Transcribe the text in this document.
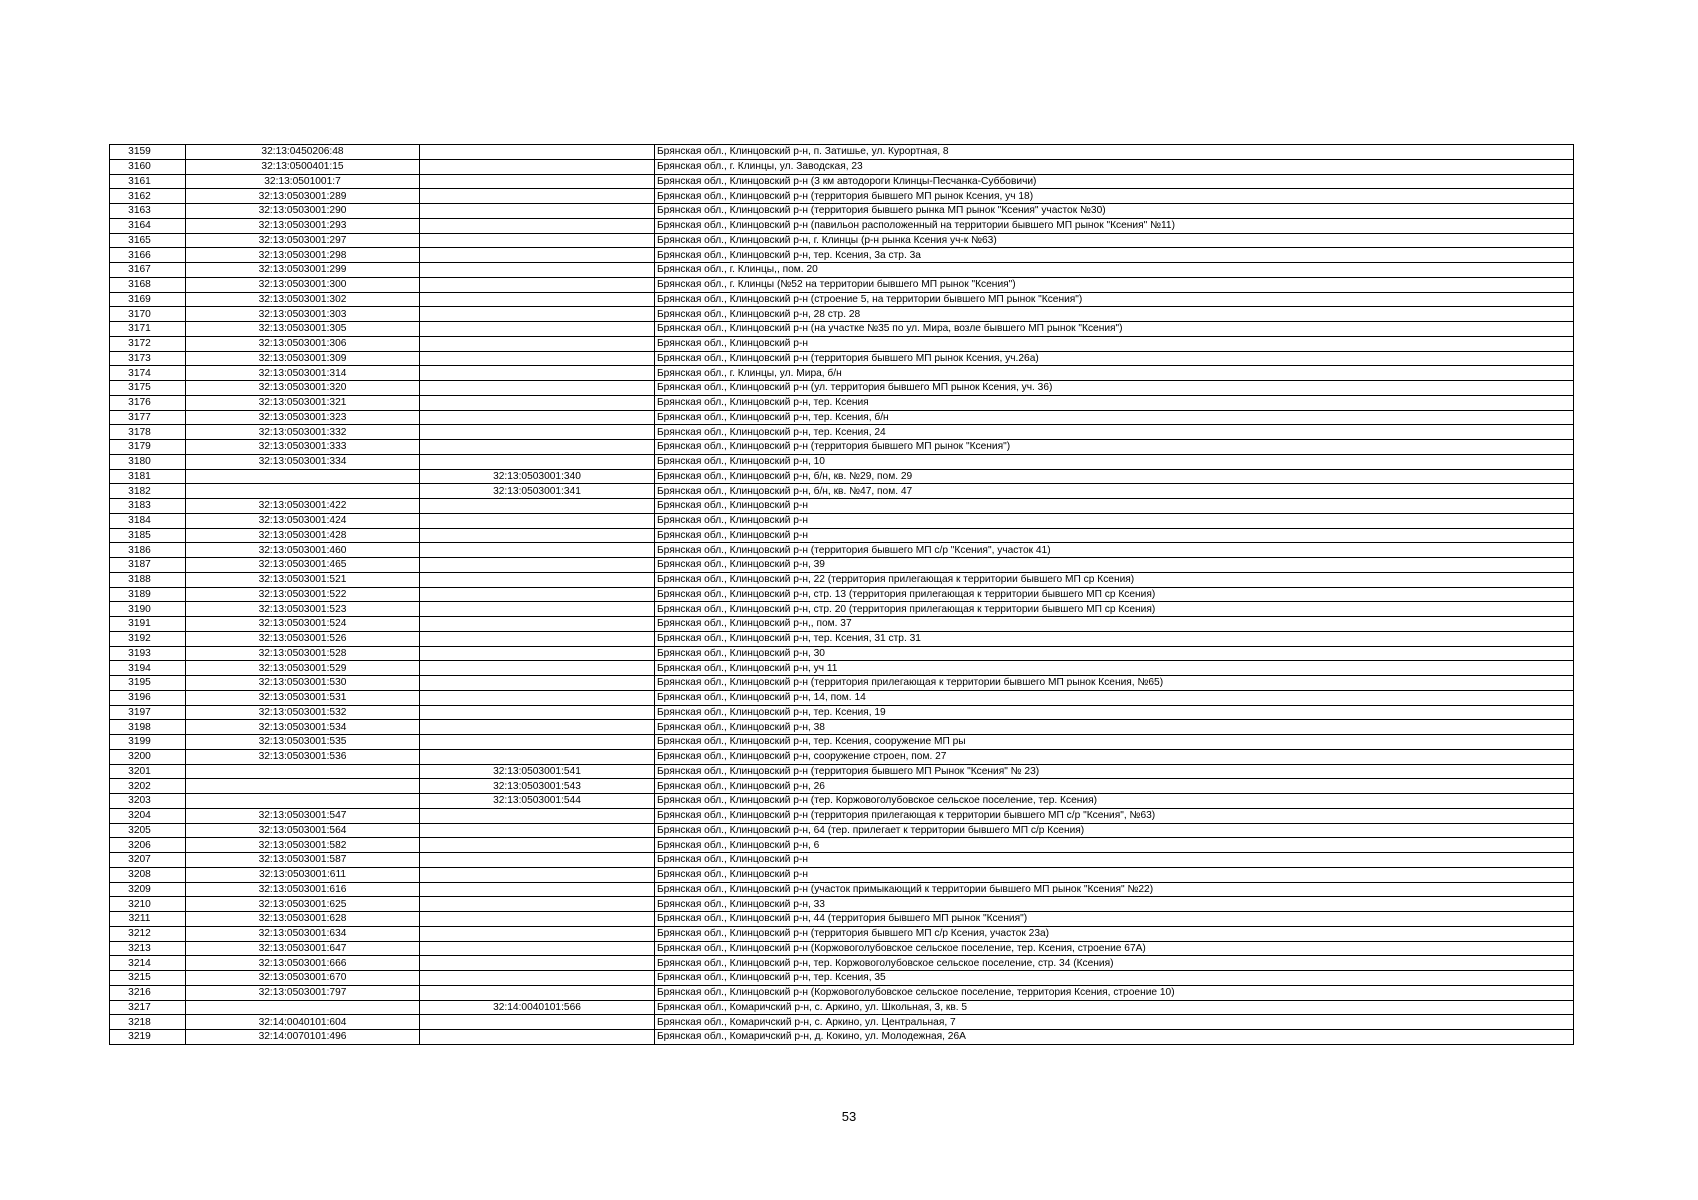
3159	32:13:0450206:48		Брянская обл., Клинцовский р-н, п. Затишье, ул. Курортная, 8
3160	32:13:0500401:15		Брянская обл., г. Клинцы, ул. Заводская, 23
3161	32:13:0501001:7		Брянская обл., Клинцовский р-н (3 км автодороги Клинцы-Песчанка-Суббовичи)
3162	32:13:0503001:289		Брянская обл., Клинцовский р-н (территория бывшего МП рынок Ксения, уч 18)
3163	32:13:0503001:290		Брянская обл., Клинцовский р-н (территория бывшего рынка МП рынок "Ксения" участок №30)
3164	32:13:0503001:293		Брянская обл., Клинцовский р-н (павильон расположенный на территории бывшего МП рынок "Ксения" №11)
3165	32:13:0503001:297		Брянская обл., Клинцовский р-н, г. Клинцы (р-н рынка Ксения уч-к №63)
3166	32:13:0503001:298		Брянская обл., Клинцовский р-н, тер. Ксения, 3а стр. 3а
3167	32:13:0503001:299		Брянская обл., г. Клинцы,, пом. 20
3168	32:13:0503001:300		Брянская обл., г. Клинцы (№52 на территории бывшего МП рынок "Ксения")
3169	32:13:0503001:302		Брянская обл., Клинцовский р-н (строение 5, на территории бывшего МП рынок "Ксения")
3170	32:13:0503001:303		Брянская обл., Клинцовский р-н, 28 стр. 28
3171	32:13:0503001:305		Брянская обл., Клинцовский р-н (на участке №35 по ул. Мира, возле бывшего МП рынок "Ксения")
3172	32:13:0503001:306		Брянская обл., Клинцовский р-н
3173	32:13:0503001:309		Брянская обл., Клинцовский р-н (территория бывшего МП рынок Ксения, уч.26а)
3174	32:13:0503001:314		Брянская обл., г. Клинцы, ул. Мира, б/н
3175	32:13:0503001:320		Брянская обл., Клинцовский р-н (ул. территория бывшего МП рынок Ксения, уч. 36)
3176	32:13:0503001:321		Брянская обл., Клинцовский р-н, тер. Ксения
3177	32:13:0503001:323		Брянская обл., Клинцовский р-н, тер. Ксения, б/н
3178	32:13:0503001:332		Брянская обл., Клинцовский р-н, тер. Ксения, 24
3179	32:13:0503001:333		Брянская обл., Клинцовский р-н (территория бывшего МП рынок "Ксения")
3180	32:13:0503001:334		Брянская обл., Клинцовский р-н, 10
3181		32:13:0503001:340	Брянская обл., Клинцовский р-н, б/н, кв. №29, пом. 29
3182		32:13:0503001:341	Брянская обл., Клинцовский р-н, б/н, кв. №47, пом. 47
3183	32:13:0503001:422		Брянская обл., Клинцовский р-н
3184	32:13:0503001:424		Брянская обл., Клинцовский р-н
3185	32:13:0503001:428		Брянская обл., Клинцовский р-н
3186	32:13:0503001:460		Брянская обл., Клинцовский р-н (территория бывшего МП с/р "Ксения", участок 41)
3187	32:13:0503001:465		Брянская обл., Клинцовский р-н, 39
3188	32:13:0503001:521		Брянская обл., Клинцовский р-н, 22 (территория прилегающая к территории бывшего МП ср Ксения)
3189	32:13:0503001:522		Брянская обл., Клинцовский р-н, стр. 13 (территория прилегающая к территории бывшего МП ср Ксения)
3190	32:13:0503001:523		Брянская обл., Клинцовский р-н, стр. 20 (территория прилегающая к территории бывшего МП ср Ксения)
3191	32:13:0503001:524		Брянская обл., Клинцовский р-н,, пом. 37
3192	32:13:0503001:526		Брянская обл., Клинцовский р-н, тер. Ксения, 31 стр. 31
3193	32:13:0503001:528		Брянская обл., Клинцовский р-н, 30
3194	32:13:0503001:529		Брянская обл., Клинцовский р-н, уч 11
3195	32:13:0503001:530		Брянская обл., Клинцовский р-н (территория прилегающая к территории бывшего МП рынок Ксения, №65)
3196	32:13:0503001:531		Брянская обл., Клинцовский р-н, 14, пом. 14
3197	32:13:0503001:532		Брянская обл., Клинцовский р-н, тер. Ксения, 19
3198	32:13:0503001:534		Брянская обл., Клинцовский р-н, 38
3199	32:13:0503001:535		Брянская обл., Клинцовский р-н, тер. Ксения, сооружение МП ры
3200	32:13:0503001:536		Брянская обл., Клинцовский р-н, сооружение строен, пом. 27
3201		32:13:0503001:541	Брянская обл., Клинцовский р-н (территория бывшего МП Рынок "Ксения" № 23)
3202		32:13:0503001:543	Брянская обл., Клинцовский р-н, 26
3203		32:13:0503001:544	Брянская обл., Клинцовский р-н (тер. Коржовоголубовское сельское поселение, тер. Ксения)
3204	32:13:0503001:547		Брянская обл., Клинцовский р-н (территория прилегающая к территории бывшего МП с/р "Ксения", №63)
3205	32:13:0503001:564		Брянская обл., Клинцовский р-н, 64 (тер. прилегает к территории бывшего МП с/р Ксения)
3206	32:13:0503001:582		Брянская обл., Клинцовский р-н, 6
3207	32:13:0503001:587		Брянская обл., Клинцовский р-н
3208	32:13:0503001:611		Брянская обл., Клинцовский р-н
3209	32:13:0503001:616		Брянская обл., Клинцовский р-н (участок примыкающий к территории бывшего МП рынок "Ксения" №22)
3210	32:13:0503001:625		Брянская обл., Клинцовский р-н, 33
3211	32:13:0503001:628		Брянская обл., Клинцовский р-н, 44 (территория бывшего МП рынок "Ксения")
3212	32:13:0503001:634		Брянская обл., Клинцовский р-н (территория бывшего МП с/р Ксения, участок 23а)
3213	32:13:0503001:647		Брянская обл., Клинцовский р-н (Коржовоголубовское сельское поселение, тер. Ксения, строение 67А)
3214	32:13:0503001:666		Брянская обл., Клинцовский р-н, тер. Коржовоголубовское сельское поселение, стр. 34 (Ксения)
3215	32:13:0503001:670		Брянская обл., Клинцовский р-н, тер. Ксения, 35
3216	32:13:0503001:797		Брянская обл., Клинцовский р-н (Коржовоголубовское сельское поселение, территория Ксения, строение 10)
3217		32:14:0040101:566	Брянская обл., Комаричский р-н, с. Аркино, ул. Школьная, 3, кв. 5
3218	32:14:0040101:604		Брянская обл., Комаричский р-н, с. Аркино, ул. Центральная, 7
3219	32:14:0070101:496		Брянская обл., Комаричский р-н, д. Кокино, ул. Молодежная, 26А
53
